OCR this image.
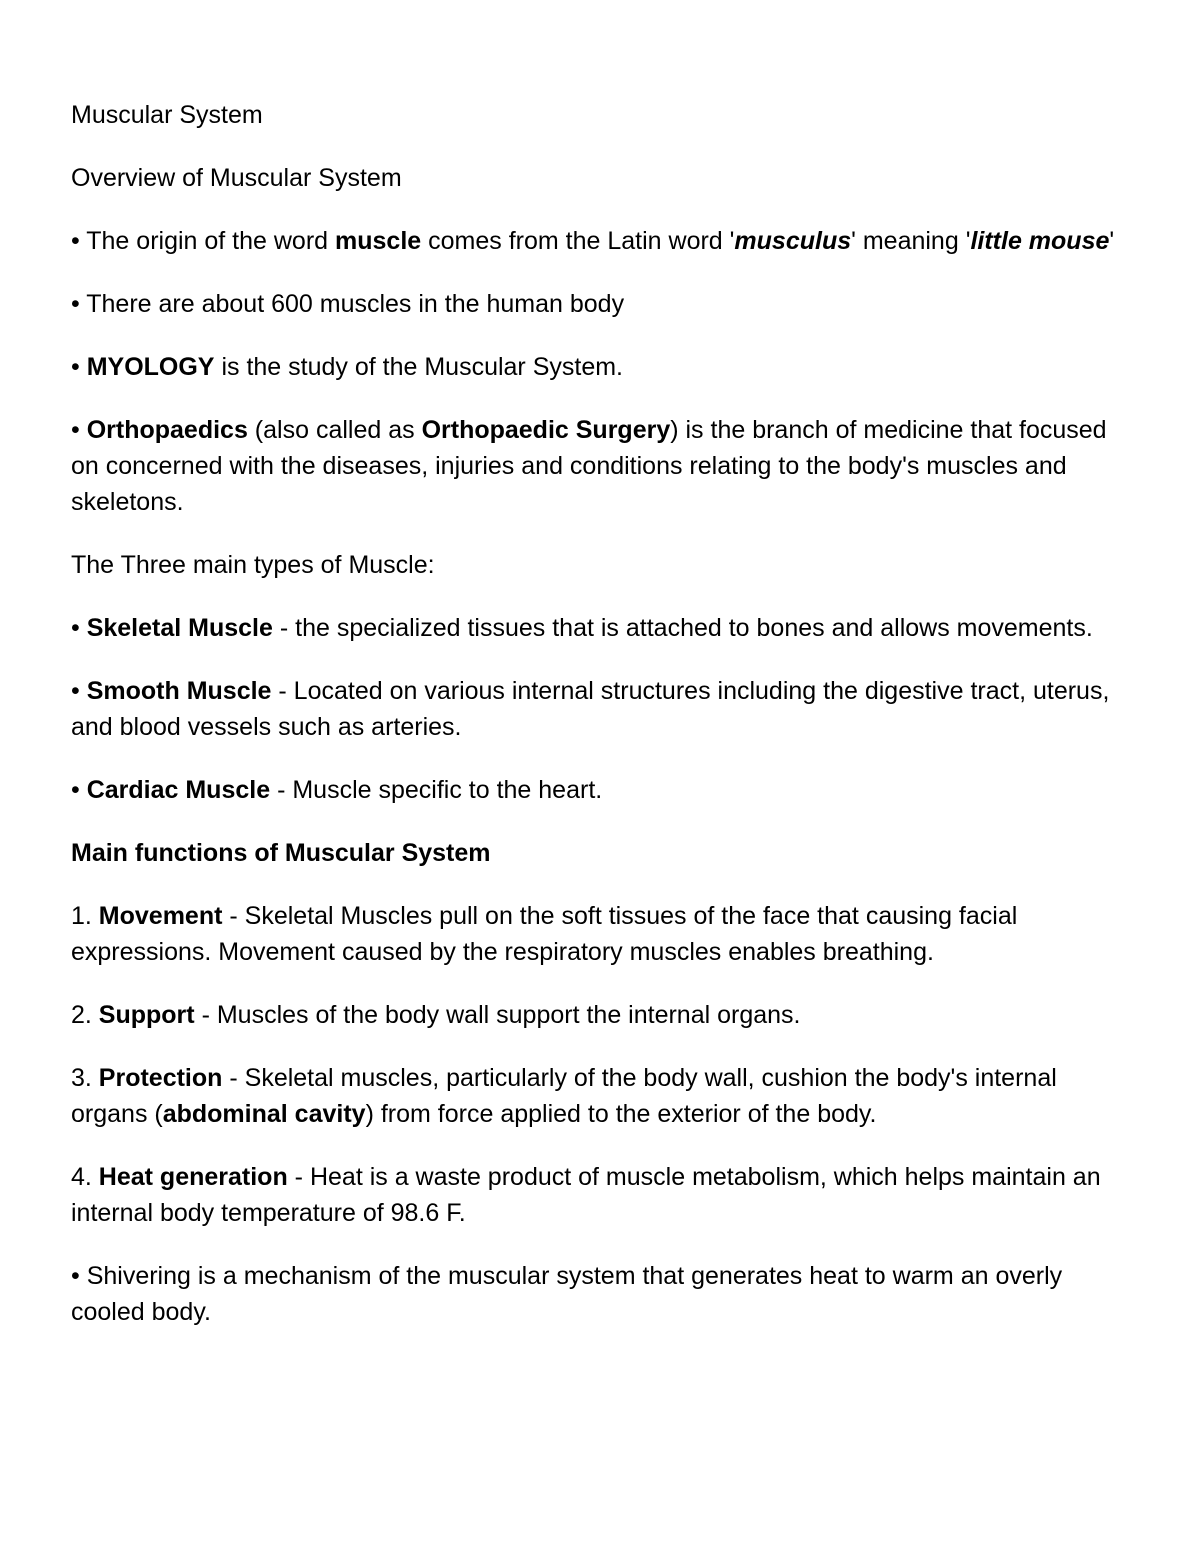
Muscular System

Overview of Muscular System

• The origin of the word muscle comes from the Latin word 'musculus' meaning 'little mouse'

• There are about 600 muscles in the human body

• MYOLOGY is the study of the Muscular System.

• Orthopaedics (also called as Orthopaedic Surgery) is the branch of medicine that focused on concerned with the diseases, injuries and conditions relating to the body's muscles and skeletons.

The Three main types of Muscle:

• Skeletal Muscle - the specialized tissues that is attached to bones and allows movements.

• Smooth Muscle - Located on various internal structures including the digestive tract, uterus, and blood vessels such as arteries.

• Cardiac Muscle - Muscle specific to the heart.

Main functions of Muscular System

1. Movement - Skeletal Muscles pull on the soft tissues of the face that causing facial expressions. Movement caused by the respiratory muscles enables breathing.

2. Support - Muscles of the body wall support the internal organs.

3. Protection - Skeletal muscles, particularly of the body wall, cushion the body's internal organs (abdominal cavity) from force applied to the exterior of the body.

4. Heat generation - Heat is a waste product of muscle metabolism, which helps maintain an internal body temperature of 98.6 F.

• Shivering is a mechanism of the muscular system that generates heat to warm an overly cooled body.
